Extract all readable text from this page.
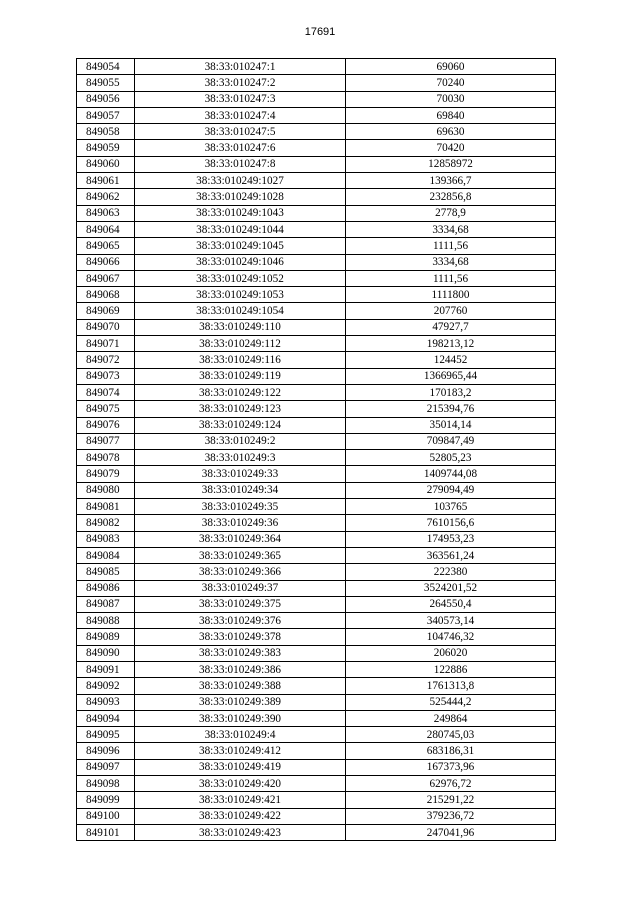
17691
849054	38:33:010247:1	69060
849055	38:33:010247:2	70240
849056	38:33:010247:3	70030
849057	38:33:010247:4	69840
849058	38:33:010247:5	69630
849059	38:33:010247:6	70420
849060	38:33:010247:8	12858972
849061	38:33:010249:1027	139366,7
849062	38:33:010249:1028	232856,8
849063	38:33:010249:1043	2778,9
849064	38:33:010249:1044	3334,68
849065	38:33:010249:1045	1111,56
849066	38:33:010249:1046	3334,68
849067	38:33:010249:1052	1111,56
849068	38:33:010249:1053	1111800
849069	38:33:010249:1054	207760
849070	38:33:010249:110	47927,7
849071	38:33:010249:112	198213,12
849072	38:33:010249:116	124452
849073	38:33:010249:119	1366965,44
849074	38:33:010249:122	170183,2
849075	38:33:010249:123	215394,76
849076	38:33:010249:124	35014,14
849077	38:33:010249:2	709847,49
849078	38:33:010249:3	52805,23
849079	38:33:010249:33	1409744,08
849080	38:33:010249:34	279094,49
849081	38:33:010249:35	103765
849082	38:33:010249:36	7610156,6
849083	38:33:010249:364	174953,23
849084	38:33:010249:365	363561,24
849085	38:33:010249:366	222380
849086	38:33:010249:37	3524201,52
849087	38:33:010249:375	264550,4
849088	38:33:010249:376	340573,14
849089	38:33:010249:378	104746,32
849090	38:33:010249:383	206020
849091	38:33:010249:386	122886
849092	38:33:010249:388	1761313,8
849093	38:33:010249:389	525444,2
849094	38:33:010249:390	249864
849095	38:33:010249:4	280745,03
849096	38:33:010249:412	683186,31
849097	38:33:010249:419	167373,96
849098	38:33:010249:420	62976,72
849099	38:33:010249:421	215291,22
849100	38:33:010249:422	379236,72
849101	38:33:010249:423	247041,96
